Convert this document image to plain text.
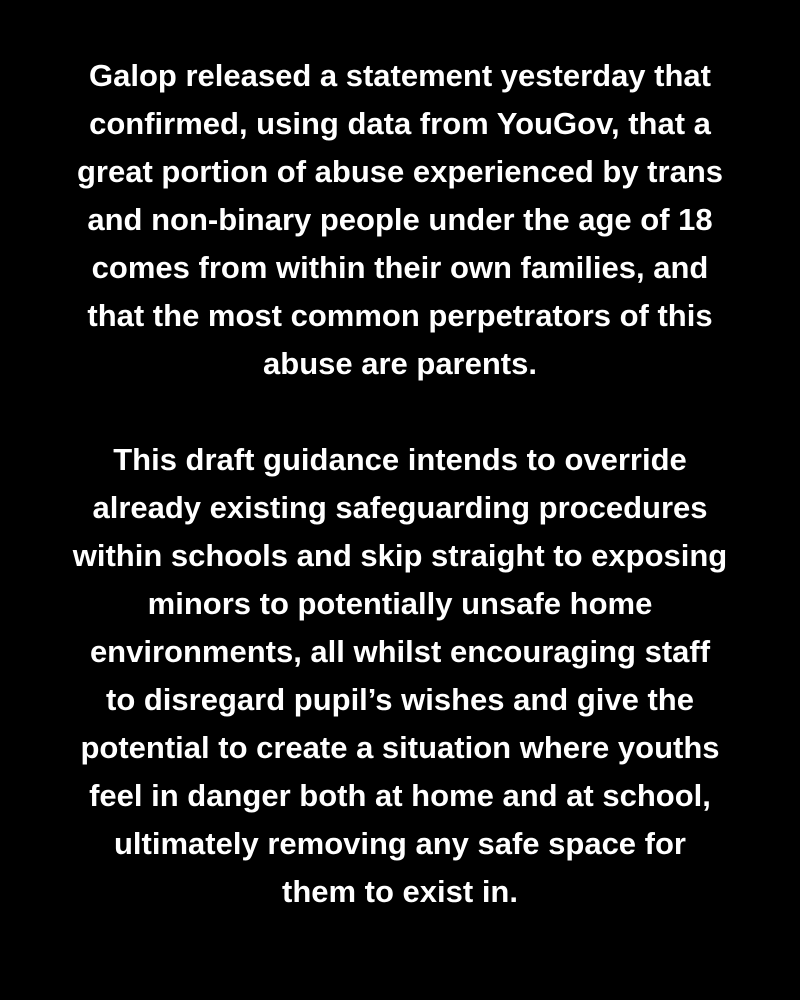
Galop released a statement yesterday that
confirmed, using data from YouGov, that a
great portion of abuse experienced by trans
and non-binary people under the age of 18
comes from within their own families, and
that the most common perpetrators of this
abuse are parents.
This draft guidance intends to override
already existing safeguarding procedures
within schools and skip straight to exposing
minors to potentially unsafe home
environments, all whilst encouraging staff
to disregard pupil’s wishes and give the
potential to create a situation where youths
feel in danger both at home and at school,
ultimately removing any safe space for
them to exist in.
